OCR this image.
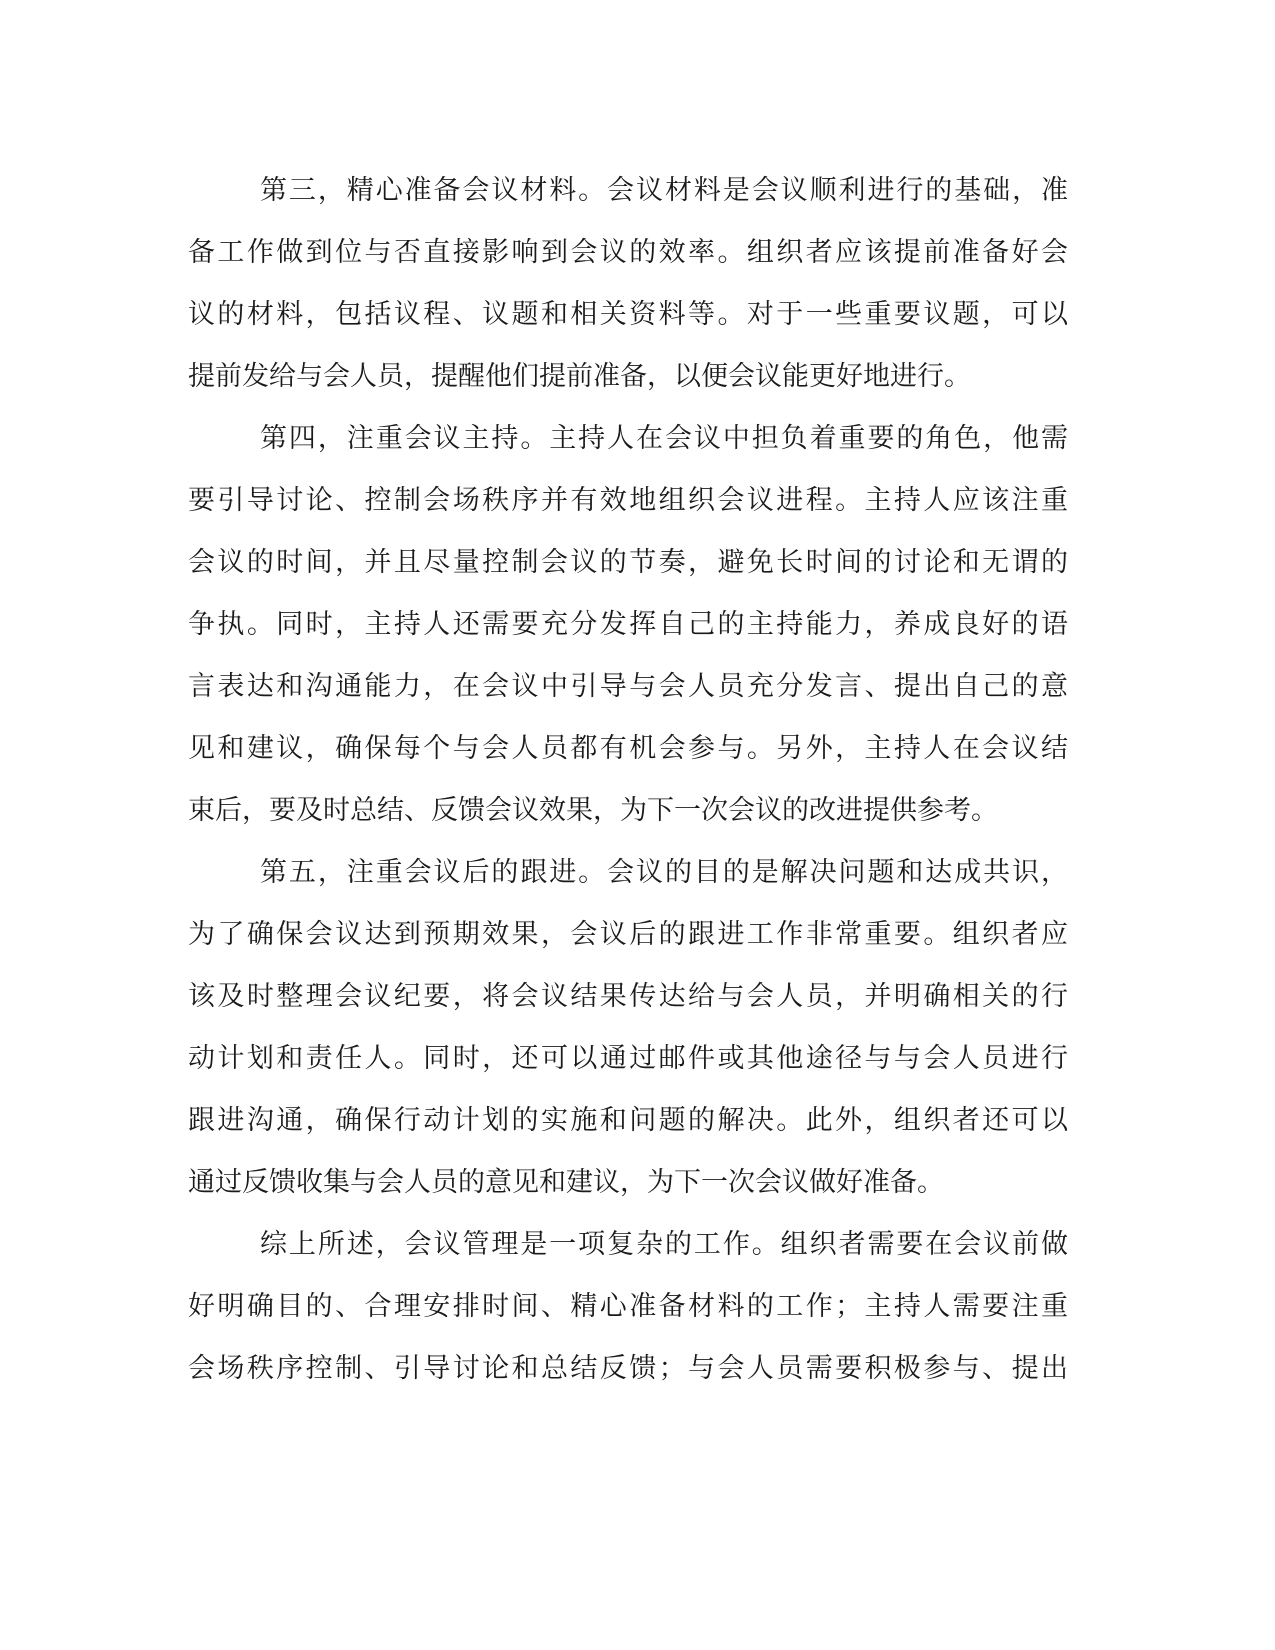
第三，精心准备会议材料。会议材料是会议顺利进行的基础，准
备工作做到位与否直接影响到会议的效率。组织者应该提前准备好会
议的材料，包括议程、议题和相关资料等。对于一些重要议题，可以
提前发给与会人员，提醒他们提前准备，以便会议能更好地进行。
第四，注重会议主持。主持人在会议中担负着重要的角色，他需
要引导讨论、控制会场秩序并有效地组织会议进程。主持人应该注重
会议的时间，并且尽量控制会议的节奏，避免长时间的讨论和无谓的
争执。同时，主持人还需要充分发挥自己的主持能力，养成良好的语
言表达和沟通能力，在会议中引导与会人员充分发言、提出自己的意
见和建议，确保每个与会人员都有机会参与。另外，主持人在会议结
束后，要及时总结、反馈会议效果，为下一次会议的改进提供参考。
第五，注重会议后的跟进。会议的目的是解决问题和达成共识，
为了确保会议达到预期效果，会议后的跟进工作非常重要。组织者应
该及时整理会议纪要，将会议结果传达给与会人员，并明确相关的行
动计划和责任人。同时，还可以通过邮件或其他途径与与会人员进行
跟进沟通，确保行动计划的实施和问题的解决。此外，组织者还可以
通过反馈收集与会人员的意见和建议，为下一次会议做好准备。
综上所述，会议管理是一项复杂的工作。组织者需要在会议前做
好明确目的、合理安排时间、精心准备材料的工作；主持人需要注重
会场秩序控制、引导讨论和总结反馈；与会人员需要积极参与、提出
